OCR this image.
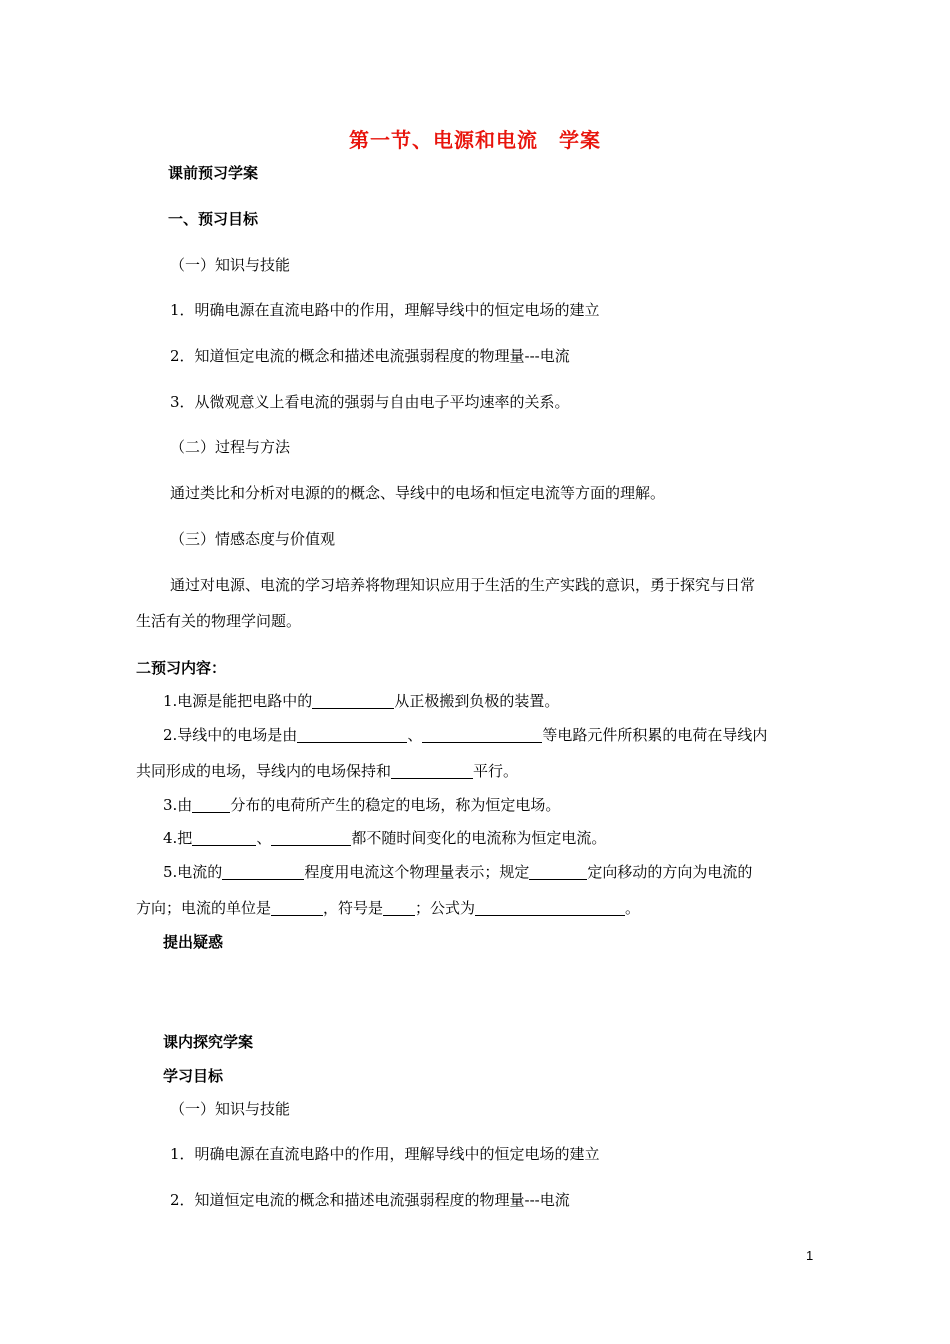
第一节、电源和电流　学案
课前预习学案
一、预习目标
（一）知识与技能
1．明确电源在直流电路中的作用，理解导线中的恒定电场的建立
2．知道恒定电流的概念和描述电流强弱程度的物理量---电流
3．从微观意义上看电流的强弱与自由电子平均速率的关系。
（二）过程与方法
通过类比和分析对电源的的概念、导线中的电场和恒定电流等方面的理解。
（三）情感态度与价值观
通过对电源、电流的学习培养将物理知识应用于生活的生产实践的意识，勇于探究与日常
生活有关的物理学问题。
二预习内容：
1.电源是能把电路中的	从正极搬到负极的装置。
2.导线中的电场是由	、	等电路元件所积累的电荷在导线内
共同形成的电场，导线内的电场保持和	平行。
3.由	分布的电荷所产生的稳定的电场，称为恒定电场。
4.把	、	都不随时间变化的电流称为恒定电流。
5.电流的	程度用电流这个物理量表示；规定	定向移动的方向为电流的
方向；电流的单位是	，符号是 ；公式为	。
提出疑惑
课内探究学案
学习目标
（一）知识与技能
1．明确电源在直流电路中的作用，理解导线中的恒定电场的建立
2．知道恒定电流的概念和描述电流强弱程度的物理量---电流
1
